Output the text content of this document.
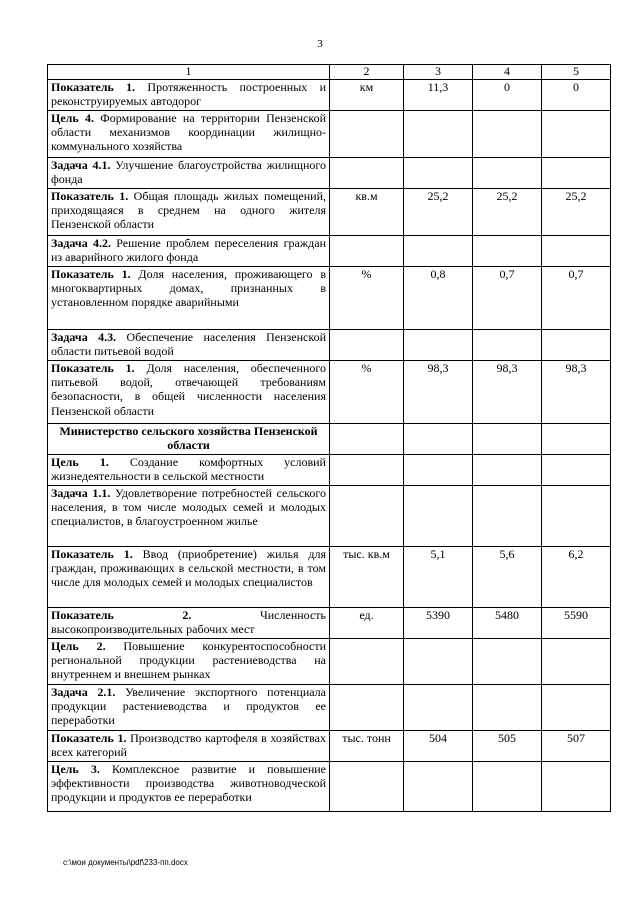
3
1	2	3	4	5
Показатель 1. Протяженность построенных и реконструируемых автодорог	км	11,3	0	0
Цель 4. Формирование на территории Пензенской области механизмов координации жилищно-коммунального хозяйства				
Задача 4.1. Улучшение благоустройства жилищного фонда				
Показатель 1. Общая площадь жилых помещений, приходящаяся в среднем на одного жителя Пензенской области	кв.м	25,2	25,2	25,2
Задача 4.2. Решение проблем переселения граждан из аварийного жилого фонда				
Показатель 1. Доля населения, проживающего в многоквартирных домах, признанных в установленном порядке аварийными	%	0,8	0,7	0,7
Задача 4.3. Обеспечение населения Пензенской области питьевой водой				
Показатель 1. Доля населения, обеспеченного питьевой водой, отвечающей требованиям безопасности, в общей численности населения Пензенской области	%	98,3	98,3	98,3
Министерство сельского хозяйства Пензенской области				
Цель 1. Создание комфортных условий жизнедеятельности в сельской местности				
Задача 1.1. Удовлетворение потребностей сельского населения, в том числе молодых семей и молодых специалистов, в благоустроенном жилье				
Показатель 1. Ввод (приобретение) жилья для граждан, проживающих в сельской местности, в том числе для молодых семей и молодых специалистов	тыс. кв.м	5,1	5,6	6,2
Показатель 2. Численность высокопроизводительных рабочих мест	ед.	5390	5480	5590
Цель 2. Повышение конкурентоспособности региональной продукции растениеводства на внутреннем и внешнем рынках				
Задача 2.1. Увеличение экспортного потенциала продукции растениеводства и продуктов ее переработки				
Показатель 1. Производство картофеля в хозяйствах всех категорий	тыс. тонн	504	505	507
Цель 3. Комплексное развитие и повышение эффективности производства животноводческой продукции и продуктов ее переработки				
c:\мои документы\pdf\233-пп.docx
